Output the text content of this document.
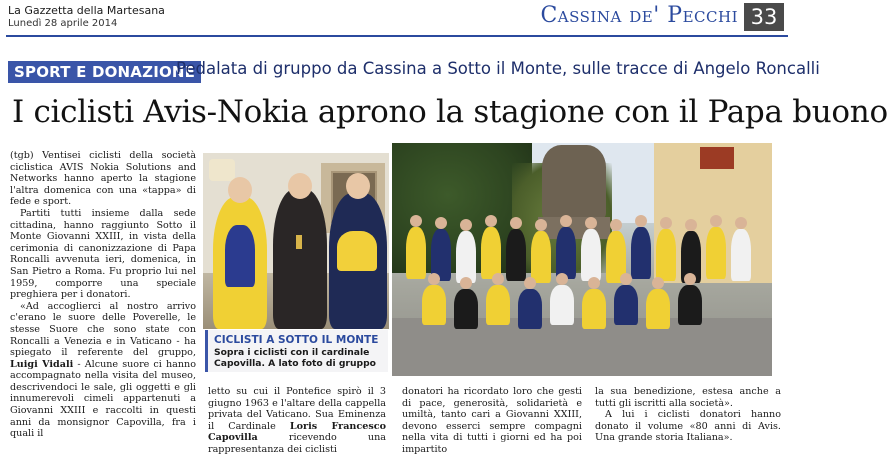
La Gazzetta della Martesana
Lunedì 28 aprile 2014	Cassina de' Pecchi 33
SPORT E DONAZIONE
Pedalata di gruppo da Cassina a Sotto il Monte, sulle tracce di Angelo Roncalli
I ciclisti Avis-Nokia aprono la stagione con il Papa buono

(tgb) Ventisei ciclisti della società ciclistica AVIS Nokia Solutions and Networks hanno aperto la stagione l'altra domenica con una «tappa» di fede e sport.

Partiti tutti insieme dalla sede cittadina, hanno raggiunto Sotto il Monte Giovanni XXIII, in vista della cerimonia di canonizzazione di Papa Roncalli avvenuta ieri, domenica, in San Pietro a Roma. Fu proprio lui nel 1959, comporre una speciale preghiera per i donatori.

«Ad accoglierci al nostro arrivo c'erano le suore delle Poverelle, le stesse Suore che sono state con Roncalli a Venezia e in Vaticano - ha spiegato il referente del gruppo, Luigi Vidali - Alcune suore ci hanno accompagnato nella visita del museo, descrivendoci le sale, gli oggetti e gli innumerevoli cimeli appartenuti a Giovanni XXIII e raccolti in questi anni da monsignor Capovilla, fra i quali il

CICLISTI A SOTTO IL MONTE
Sopra i ciclisti con il cardinale Capovilla. A lato foto di gruppo

letto su cui il Pontefice spirò il 3 giugno 1963 e l'altare della cappella privata del Vaticano. Sua Eminenza il Cardinale Loris Francesco Capovilla	ricevendo una rappresentanza dei ciclisti

donatori ha ricordato loro che gesti di pace, generosità, solidarietà e umiltà, tanto cari a Giovanni XXIII, devono esserci sempre compagni nella vita di tutti i giorni ed ha poi impartito

la sua benedizione, estesa anche a tutti gli iscritti alla società».

A lui i ciclisti donatori hanno donato il volume «80 anni di Avis. Una grande storia Italiana».
